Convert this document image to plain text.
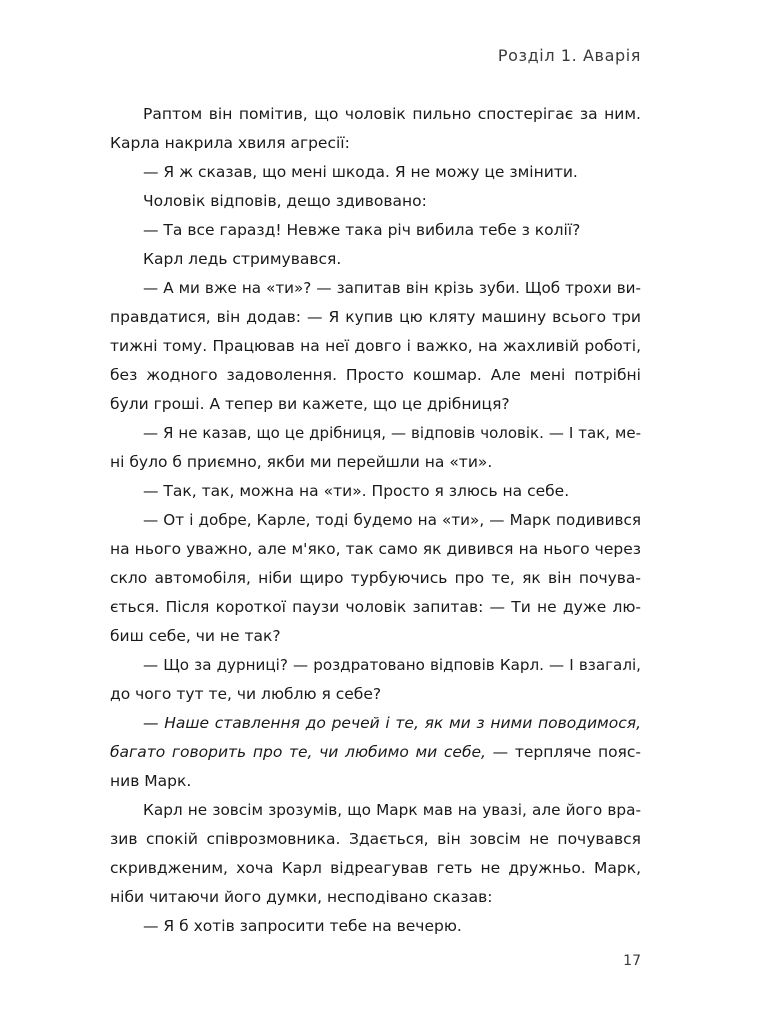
Розділ 1. Аварія
Раптом він помітив, що чоловік пильно спостерігає за ним.
Карла накрила хвиля агресії:
— Я ж сказав, що мені шкода. Я не можу це змінити.
Чоловік відповів, дещо здивовано:
— Та все гаразд! Невже така річ вибила тебе з колії?
Карл ледь стримувався.
— А ми вже на «ти»? — запитав він крізь зуби. Щоб трохи ви-
правдатися, він додав: — Я купив цю кляту машину всього три
тижні тому. Працював на неї довго і важко, на жахливій роботі,
без жодного задоволення. Просто кошмар. Але мені потрібні
були гроші. А тепер ви кажете, що це дрібниця?
— Я не казав, що це дрібниця, — відповів чоловік. — І так, ме-
ні було б приємно, якби ми перейшли на «ти».
— Так, так, можна на «ти». Просто я злюсь на себе.
— От і добре, Карле, тоді будемо на «ти», — Марк подивився
на нього уважно, але м'яко, так само як дивився на нього через
скло автомобіля, ніби щиро турбуючись про те, як він почува-
ється. Після короткої паузи чоловік запитав: — Ти не дуже лю-
биш себе, чи не так?
— Що за дурниці? — роздратовано відповів Карл. — І взагалі,
до чого тут те, чи люблю я себе?
— Наше ставлення до речей і те, як ми з ними поводимося,
багато говорить про те, чи любимо ми себе, — терпляче пояс-
нив Марк.
Карл не зовсім зрозумів, що Марк мав на увазі, але його вра-
зив спокій співрозмовника. Здається, він зовсім не почувався
скривдженим, хоча Карл відреагував геть не дружньо. Марк,
ніби читаючи його думки, несподівано сказав:
— Я б хотів запросити тебе на вечерю.
17
